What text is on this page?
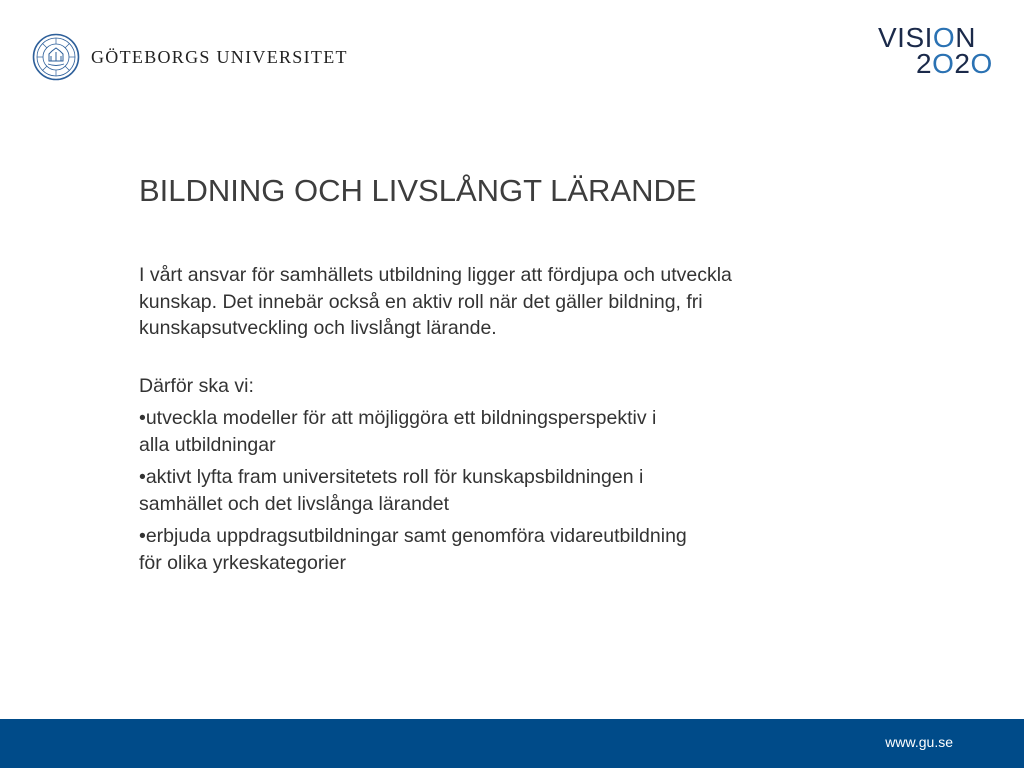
GÖTEBORGS UNIVERSITET
VISION
2O2O
BILDNING OCH LIVSLÅNGT LÄRANDE

I vårt ansvar för samhällets utbildning ligger att fördjupa och utveckla
kunskap. Det innebär också en aktiv roll när det gäller bildning, fri
kunskapsutveckling och livslångt lärande.

Därför ska vi:

•utveckla modeller för att möjliggöra ett bildningsperspektiv i
alla utbildningar

•aktivt lyfta fram universitetets roll för kunskapsbildningen i
samhället och det livslånga lärandet

•erbjuda uppdragsutbildningar samt genomföra vidareutbildning
för olika yrkeskategorier

www.gu.se
